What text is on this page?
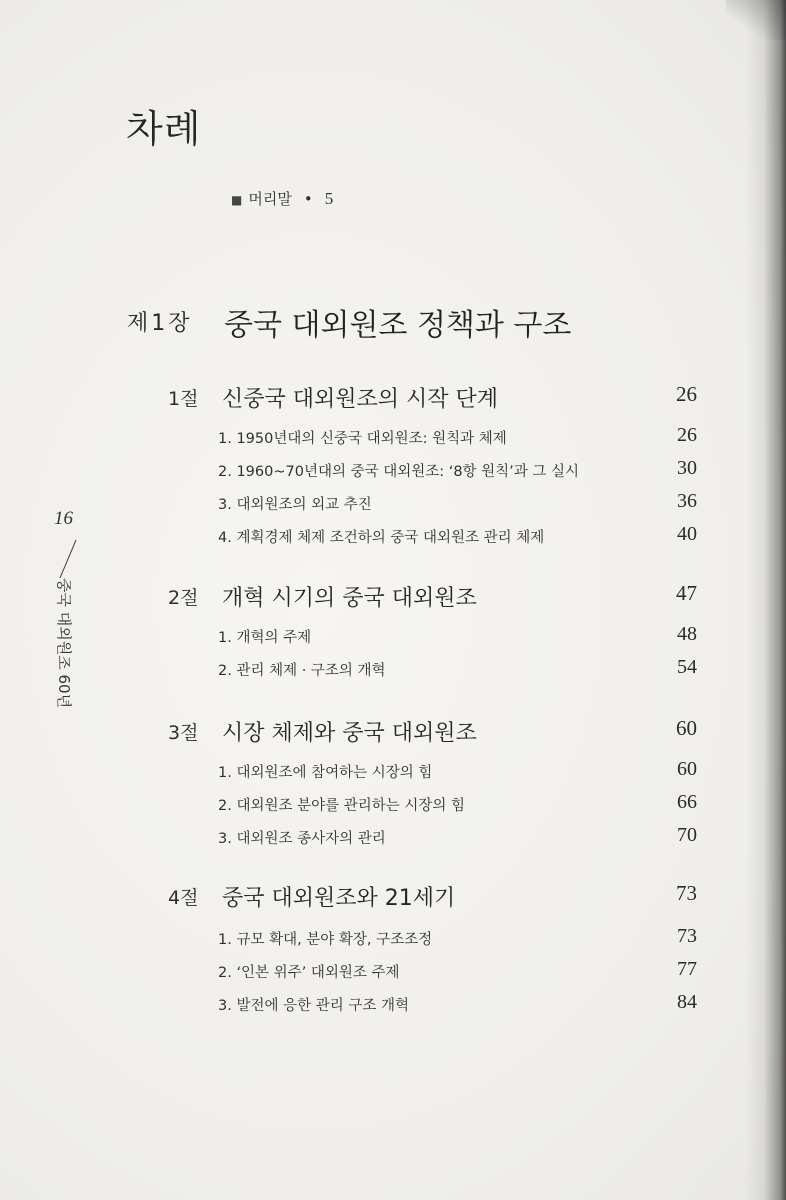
차례
■ 머리말 • 5
제1장 중국 대외원조 정책과 구조
1절 신중국 대외원조의 시작 단계	26
1. 1950년대의 신중국 대외원조: 원칙과 체제	26
2. 1960~70년대의 중국 대외원조: ‘8항 원칙’과 그 실시	30
3. 대외원조의 외교 추진	36
4. 계획경제 체제 조건하의 중국 대외원조 관리 체제	40
2절 개혁 시기의 중국 대외원조	47
1. 개혁의 주제	48
2. 관리 체제 · 구조의 개혁	54
3절 시장 체제와 중국 대외원조	60
1. 대외원조에 참여하는 시장의 힘	60
2. 대외원조 분야를 관리하는 시장의 힘	66
3. 대외원조 종사자의 관리	70
4절 중국 대외원조와 21세기	73
1. 규모 확대, 분야 확장, 구조조정	73
2. ‘인본 위주’ 대외원조 주제	77
3. 발전에 응한 관리 구조 개혁	84
16
중국 대외원조 60년
